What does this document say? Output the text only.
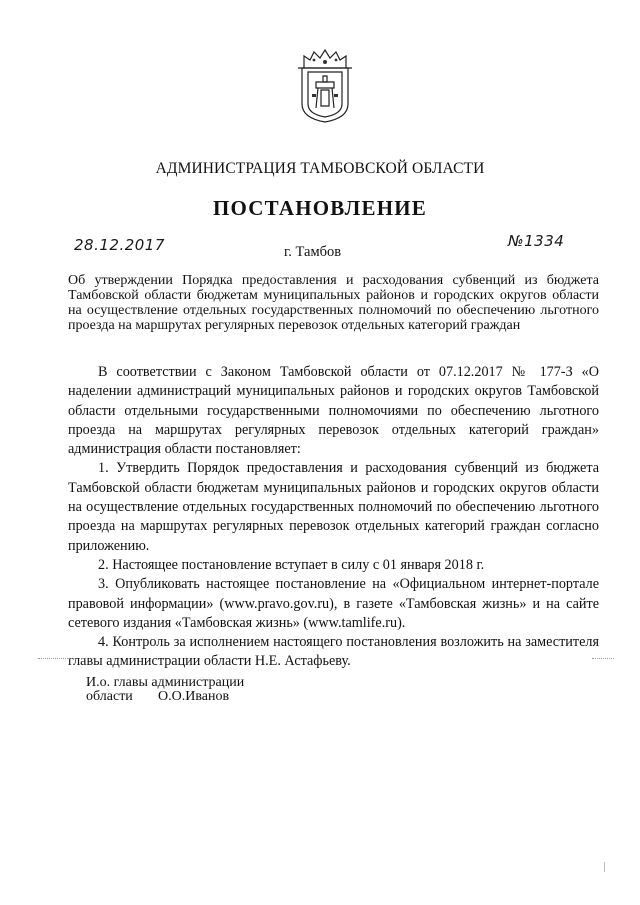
АДМИНИСТРАЦИЯ ТАМБОВСКОЙ ОБЛАСТИ
ПОСТАНОВЛЕНИЕ
28.12.2017	г. Тамбов
№1334
Об утверждении Порядка предоставления и расходования субвенций из бюджета Тамбовской области бюджетам муниципальных районов и городских округов области на осуществление отдельных государственных полномочий по обеспечению льготного проезда на маршрутах регулярных перевозок отдельных категорий граждан

В соответствии с Законом Тамбовской области от 07.12.2017 № 177-З «О наделении администраций муниципальных районов и городских округов Тамбовской области отдельными государственными полномочиями по обеспечению льготного проезда на маршрутах регулярных перевозок отдельных категорий граждан» администрация области постановляет:

1. Утвердить Порядок предоставления и расходования субвенций из бюджета Тамбовской области бюджетам муниципальных районов и городских округов области на осуществление отдельных государственных полномочий по обеспечению льготного проезда на маршрутах регулярных перевозок отдельных категорий граждан согласно приложению.

2. Настоящее постановление вступает в силу с 01 января 2018 г.

3. Опубликовать настоящее постановление на «Официальном интернет-портале правовой информации» (www.pravo.gov.ru), в газете «Тамбовская жизнь» и на сайте сетевого издания «Тамбовская жизнь» (www.tamlife.ru).

4. Контроль за исполнением настоящего постановления возложить на заместителя главы администрации области Н.Е. Астафьеву.

И.о. главы администрации
области	О.О.Иванов
